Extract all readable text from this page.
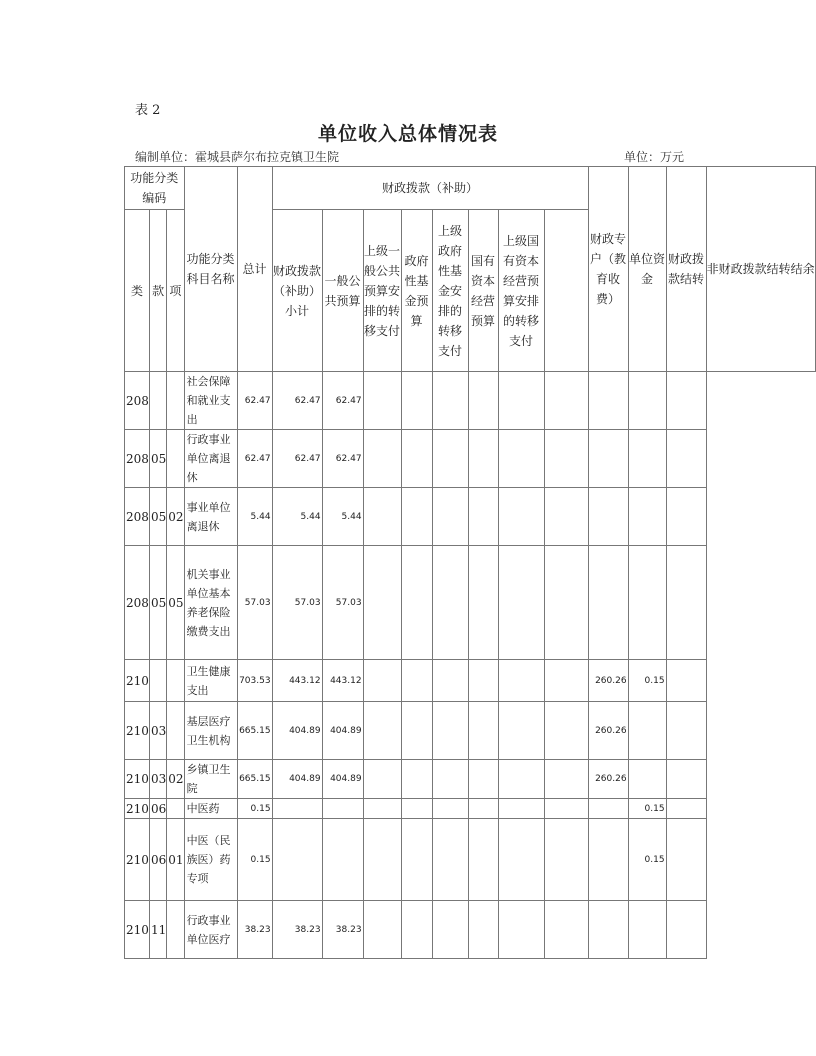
表 2
单位收入总体情况表
编制单位：霍城县萨尔布拉克镇卫生院	单位：万元
功能分类编码			功能分类科目名称	总计	财政拨款（补助）								财政专户（教育收费）	单位资金	财政拨款结转	非财政拨款结转结余
类	款	项			财政拨款（补助）小计	一般公共预算	上级一般公共预算安排的转移支付	政府性基金预算	上级政府性基金安排的转移支付	国有资本经营预算	上级国有资本经营预算安排的转移支付					
208			社会保障和就业支出	62.47	62.47	62.47										
208	05		行政事业单位离退休	62.47	62.47	62.47										
208	05	02	事业单位离退休	5.44	5.44	5.44										
208	05	05	机关事业单位基本养老保险缴费支出	57.03	57.03	57.03										
210			卫生健康支出	703.53	443.12	443.12							260.26	0.15		
210	03		基层医疗卫生机构	665.15	404.89	404.89							260.26			
210	03	02	乡镇卫生院	665.15	404.89	404.89							260.26			
210	06		中医药	0.15										0.15		
210	06	01	中医（民族医）药专项	0.15										0.15		
210	11		行政事业单位医疗	38.23	38.23	38.23										
